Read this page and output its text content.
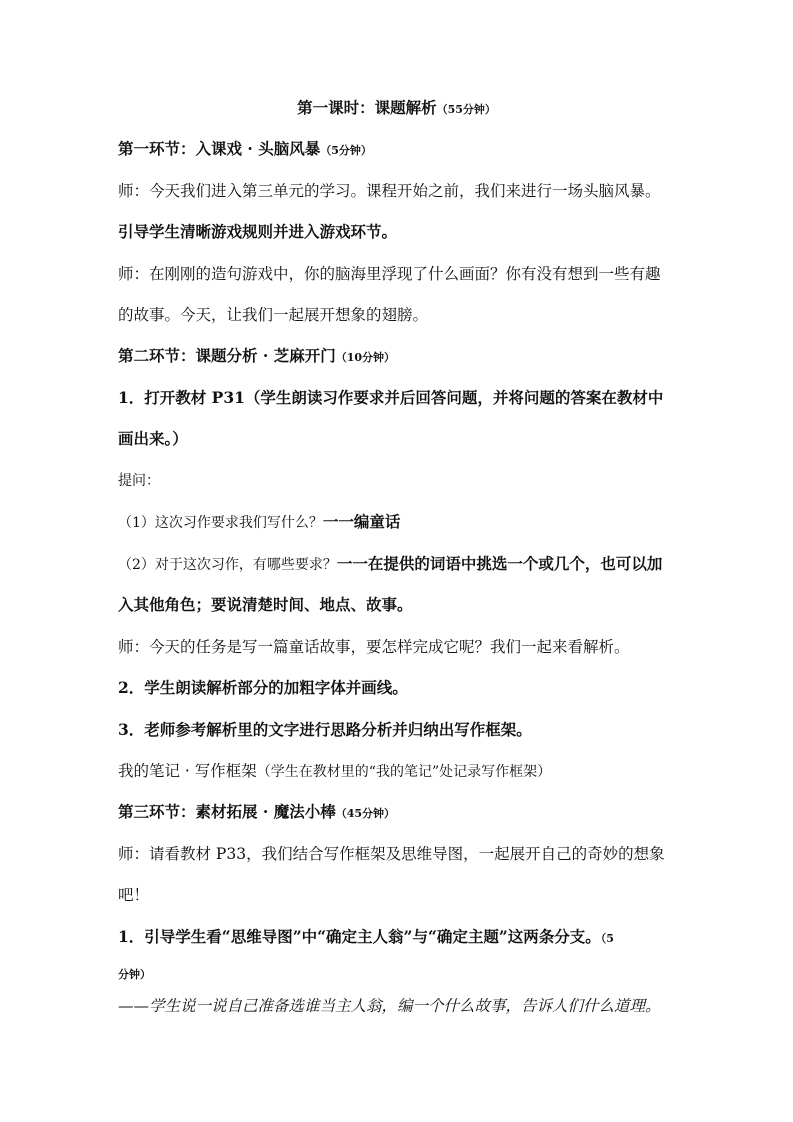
第一课时：课题解析（55分钟）
第一环节：入课戏 · 头脑风暴（5分钟）
师：今天我们进入第三单元的学习。课程开始之前，我们来进行一场头脑风暴。
引导学生清晰游戏规则并进入游戏环节。
师：在刚刚的造句游戏中，你的脑海里浮现了什么画面？你有没有想到一些有趣
的故事。今天，让我们一起展开想象的翅膀。
第二环节：课题分析 · 芝麻开门（10分钟）
1．打开教材 P31（学生朗读习作要求并后回答问题，并将问题的答案在教材中
画出来。）
提问：
（1）这次习作要求我们写什么？一一编童话
（2）对于这次习作，有哪些要求？一一在提供的词语中挑选一个或几个，也可以加
入其他角色；要说清楚时间、地点、故事。
师：今天的任务是写一篇童话故事，要怎样完成它呢？我们一起来看解析。
2．学生朗读解析部分的加粗字体并画线。
3．老师参考解析里的文字进行思路分析并归纳出写作框架。
我的笔记 · 写作框架（学生在教材里的“我的笔记”处记录写作框架）
第三环节：素材拓展 · 魔法小棒（45分钟）
师：请看教材 P33，我们结合写作框架及思维导图，一起展开自己的奇妙的想象
吧！
1．引导学生看“思维导图”中“确定主人翁”与“确定主题”这两条分支。（5
分钟）
——学生说一说自己准备选谁当主人翁，编一个什么故事，告诉人们什么道理。
